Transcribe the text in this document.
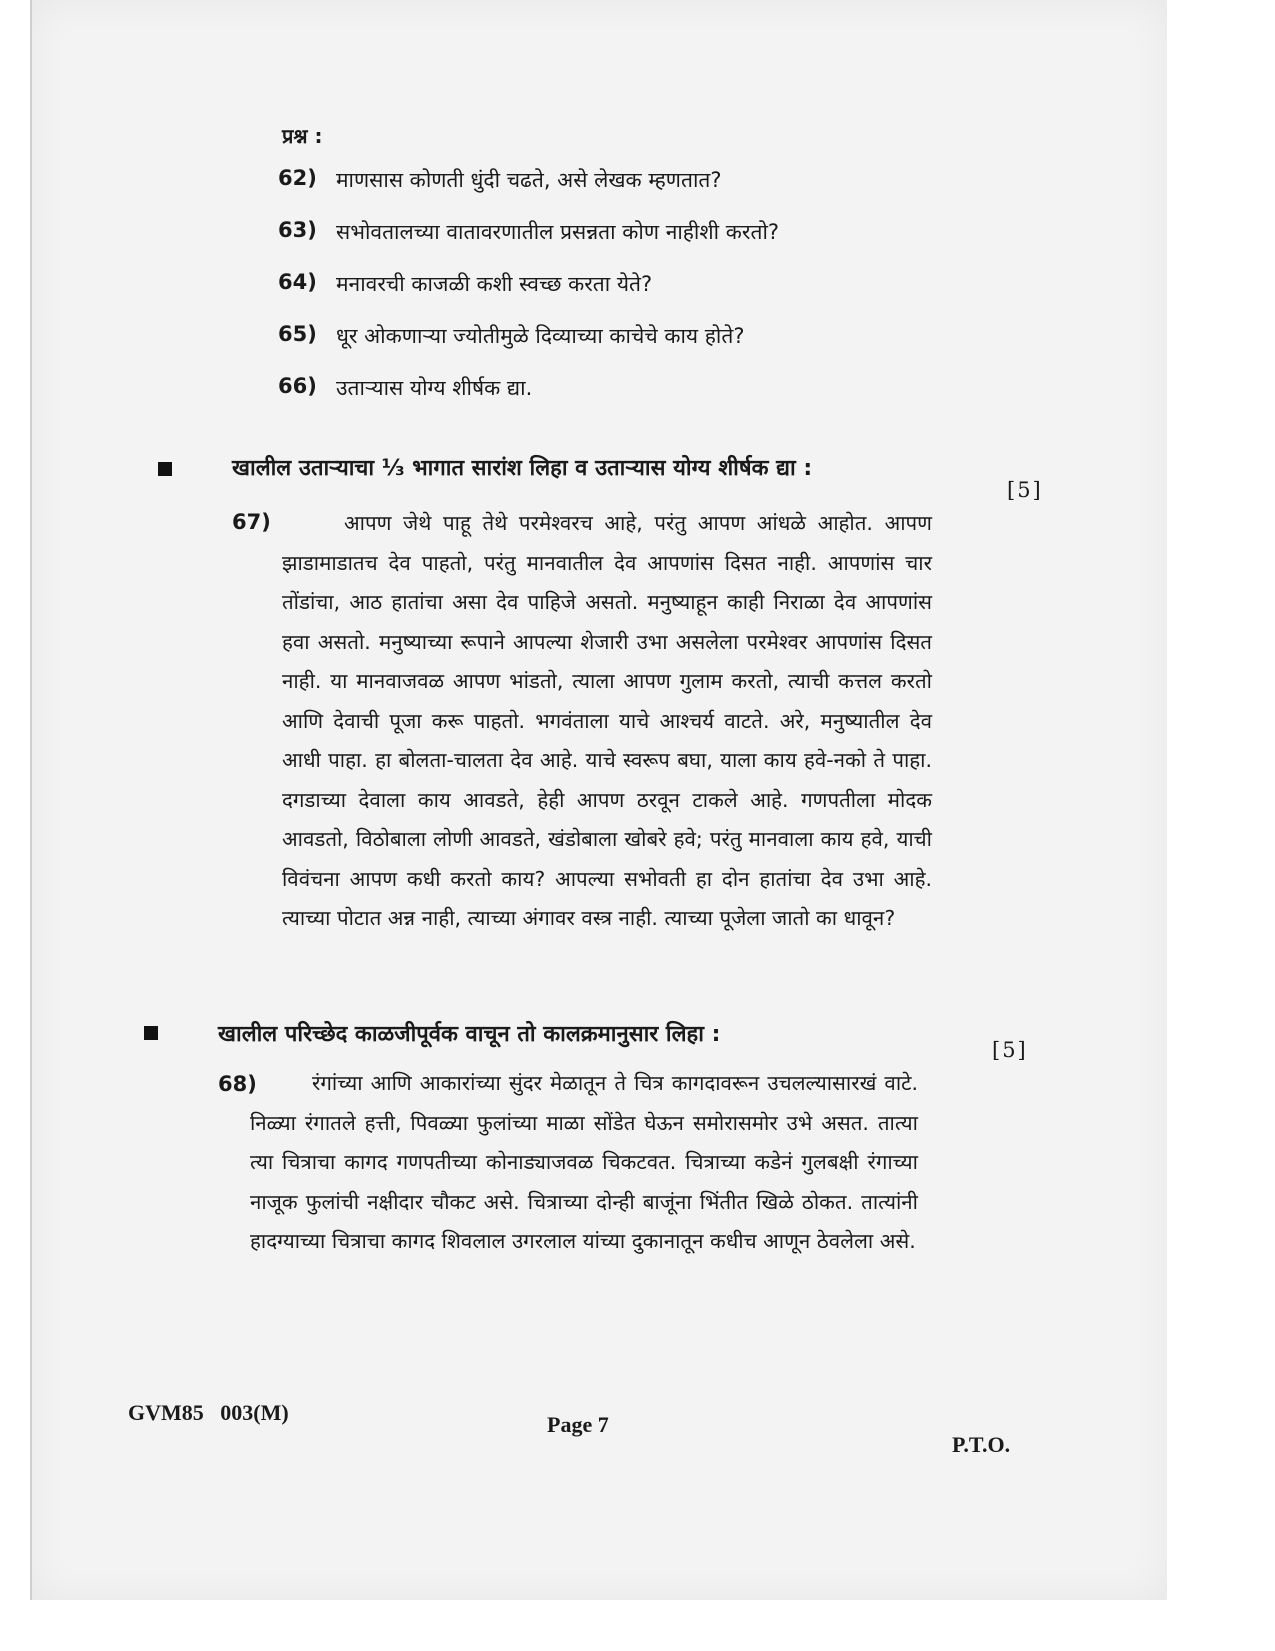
प्रश्न :
62) माणसास कोणती धुंदी चढते, असे लेखक म्हणतात?
63) सभोवतालच्या वातावरणातील प्रसन्नता कोण नाहीशी करतो?
64) मनावरची काजळी कशी स्वच्छ करता येते?
65) धूर ओकणाऱ्या ज्योतीमुळे दिव्याच्या काचेचे काय होते?
66) उताऱ्यास योग्य शीर्षक द्या.
खालील उताऱ्याचा ⅓ भागात सारांश लिहा व उताऱ्यास योग्य शीर्षक द्या :
[5]
67)	आपण जेथे पाहू तेथे परमेश्वरच आहे, परंतु आपण आंधळे आहोत. आपण झाडामाडातच देव पाहतो, परंतु मानवातील देव आपणांस दिसत नाही. आपणांस चार तोंडांचा, आठ हातांचा असा देव पाहिजे असतो. मनुष्याहून काही निराळा देव आपणांस हवा असतो. मनुष्याच्या रूपाने आपल्या शेजारी उभा असलेला परमेश्वर आपणांस दिसत नाही. या मानवाजवळ आपण भांडतो, त्याला आपण गुलाम करतो, त्याची कत्तल करतो आणि देवाची पूजा करू पाहतो. भगवंताला याचे आश्चर्य वाटते. अरे, मनुष्यातील देव आधी पाहा. हा बोलता-चालता देव आहे. याचे स्वरूप बघा, याला काय हवे-नको ते पाहा. दगडाच्या देवाला काय आवडते, हेही आपण ठरवून टाकले आहे. गणपतीला मोदक आवडतो, विठोबाला लोणी आवडते, खंडोबाला खोबरे हवे; परंतु मानवाला काय हवे, याची विवंचना आपण कधी करतो काय? आपल्या सभोवती हा दोन हातांचा देव उभा आहे. त्याच्या पोटात अन्न नाही, त्याच्या अंगावर वस्त्र नाही. त्याच्या पूजेला जातो का धावून?
खालील परिच्छेद काळजीपूर्वक वाचून तो कालक्रमानुसार लिहा :
[5]
68)	रंगांच्या आणि आकारांच्या सुंदर मेळातून ते चित्र कागदावरून उचलल्यासारखं वाटे. निळ्या रंगातले हत्ती, पिवळ्या फुलांच्या माळा सोंडेत घेऊन समोरासमोर उभे असत. तात्या त्या चित्राचा कागद गणपतीच्या कोनाड्याजवळ चिकटवत. चित्राच्या कडेनं गुलबक्षी रंगाच्या नाजूक फुलांची नक्षीदार चौकट असे. चित्राच्या दोन्ही बाजूंना भिंतीत खिळे ठोकत. तात्यांनी हादग्याच्या चित्राचा कागद शिवलाल उगरलाल यांच्या दुकानातून कधीच आणून ठेवलेला असे.
GVM85   003(M)	Page 7
P.T.O.
